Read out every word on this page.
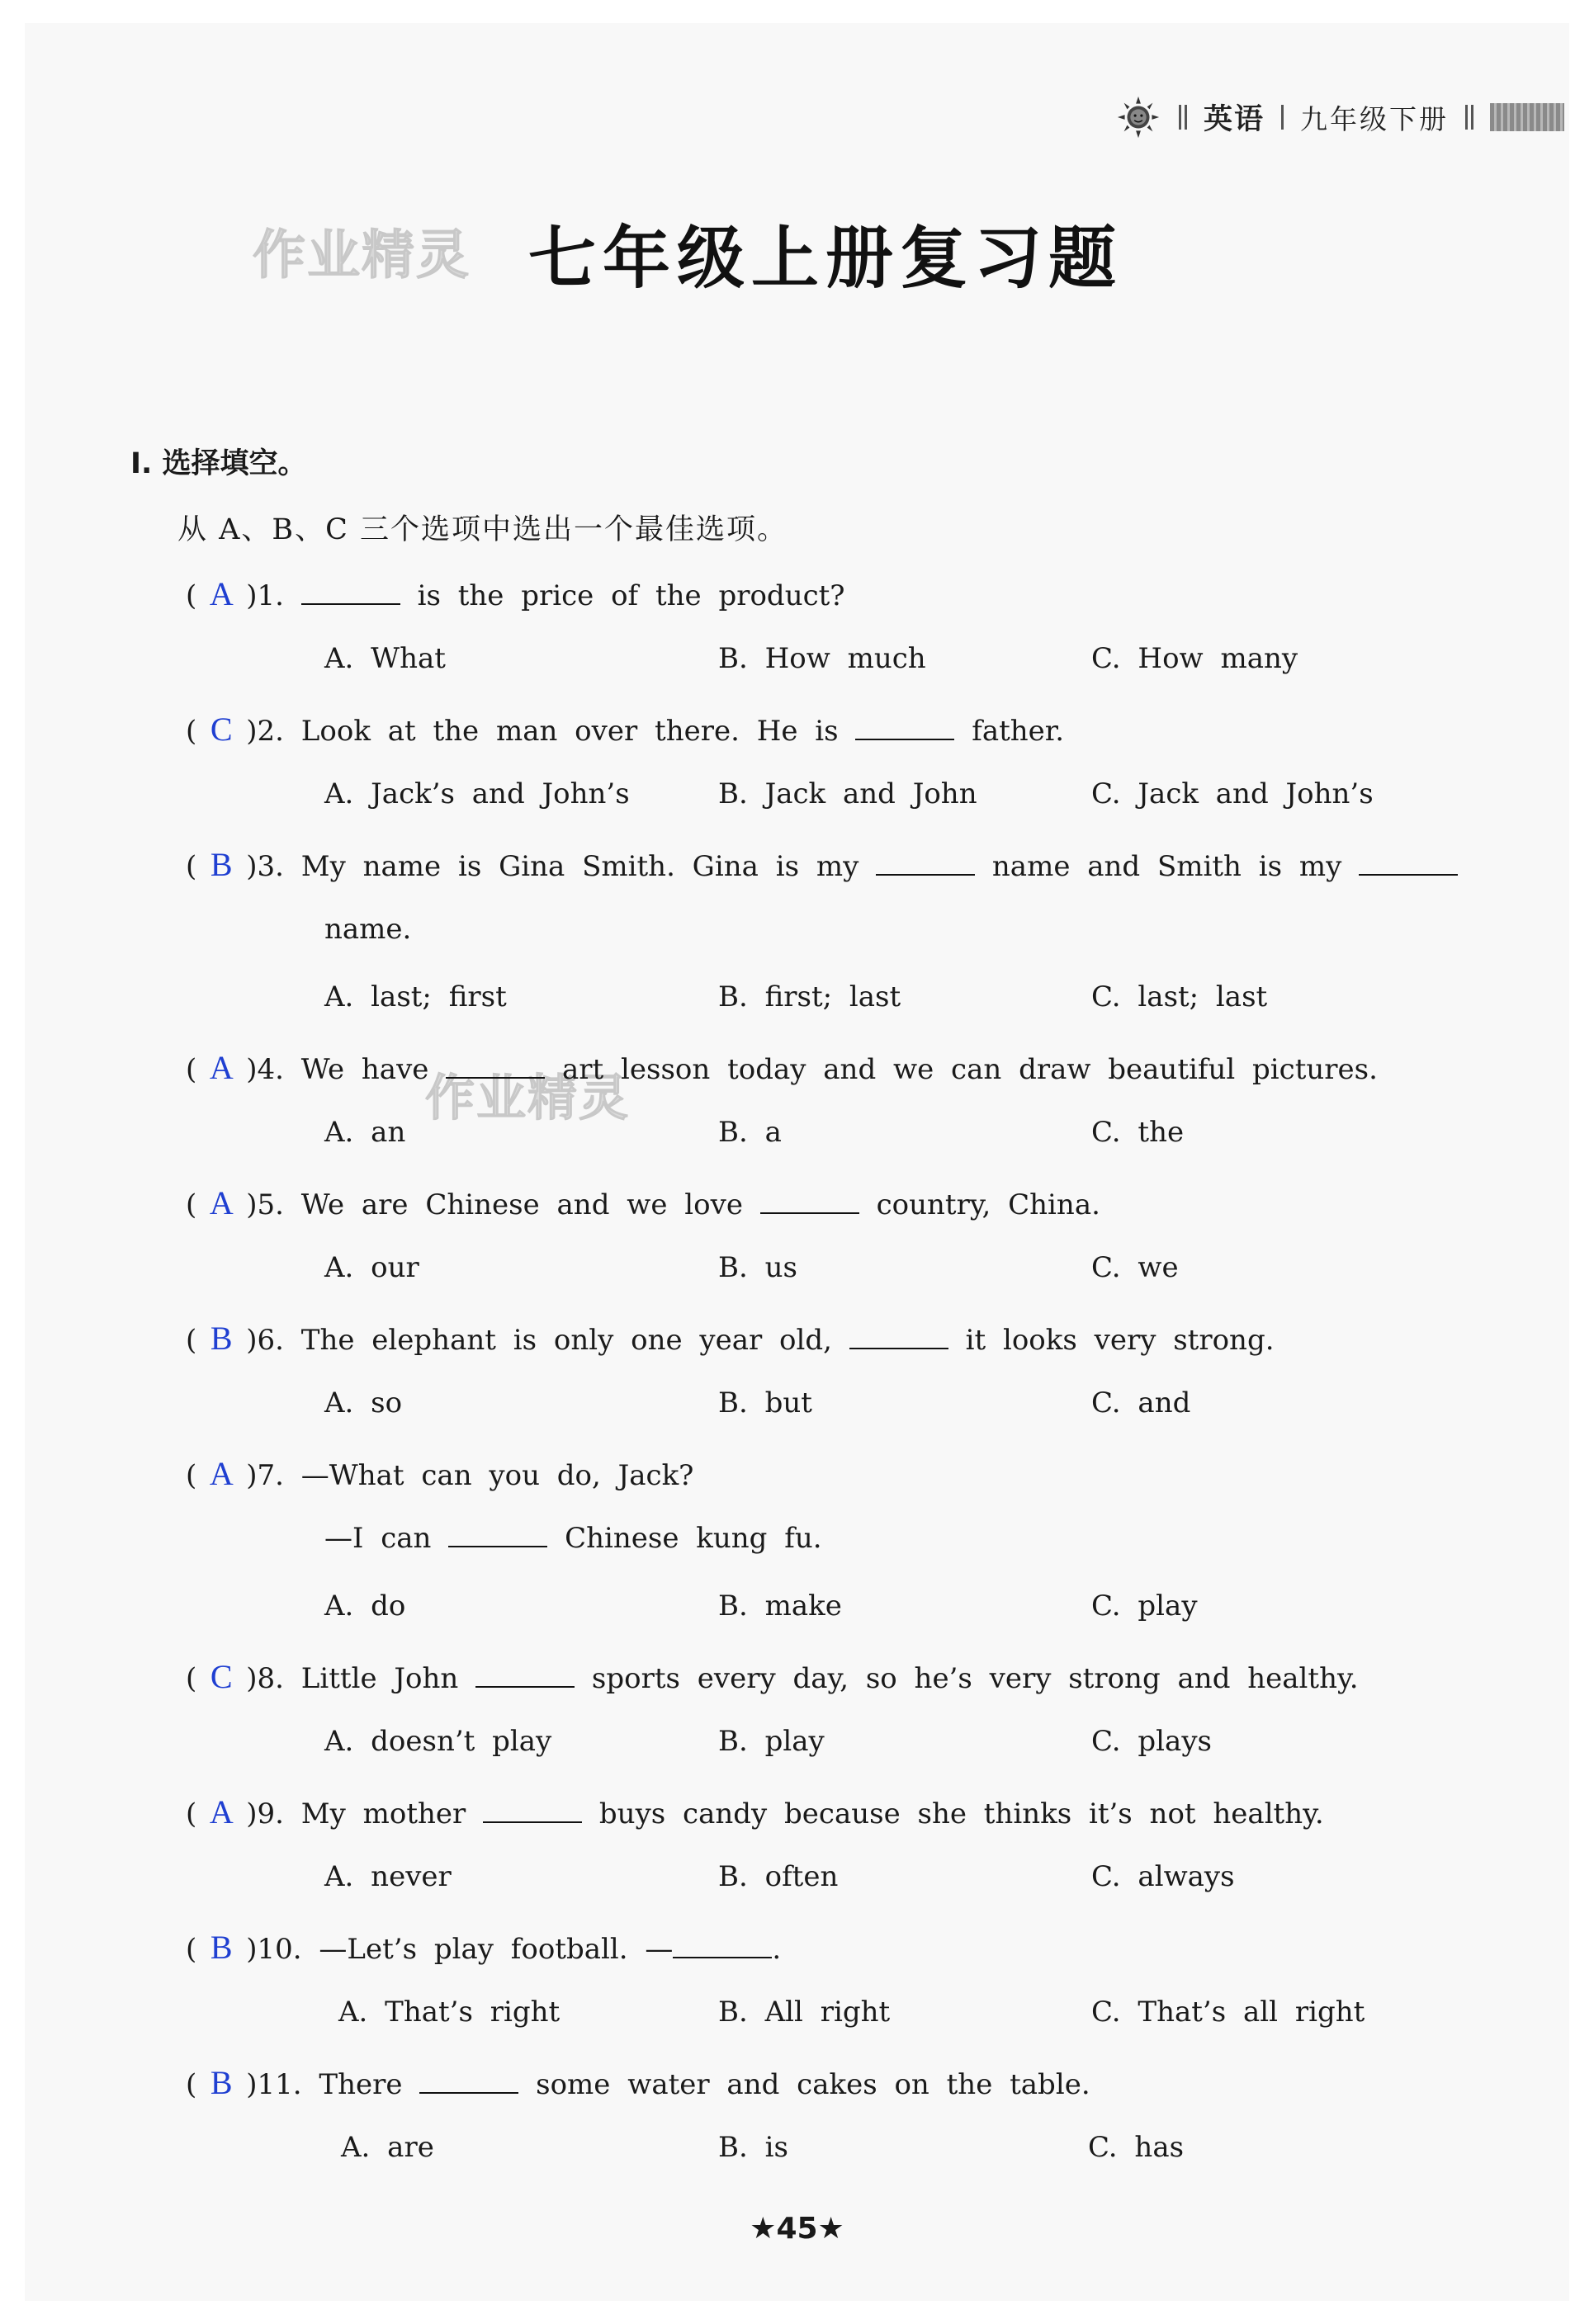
英语 九年级下册
作业精灵
作业精灵
七年级上册复习题
Ⅰ. 选择填空。
从 A、B、C 三个选项中选出一个最佳选项。
( A )1.	is the price of the product?
A. What	B. How much	C. How many
( C )2. Look at the man over there. He is	father.
A. Jack’s and John’s	B. Jack and John	C. Jack and John’s
( B )3. My name is Gina Smith. Gina is my	name and Smith is my
name.
A. last; first	B. first; last	C. last; last
( A )4. We have	art lesson today and we can draw beautiful pictures.
A. an	B. a	C. the
( A )5. We are Chinese and we love	country, China.
A. our	B. us	C. we
( B )6. The elephant is only one year old,	it looks very strong.
A. so	B. but	C. and
( A )7. —What can you do, Jack?
—I can	Chinese kung fu.
A. do	B. make	C. play
( C )8. Little John	sports every day, so he’s very strong and healthy.
A. doesn’t play	B. play	C. plays
( A )9. My mother	buys candy because she thinks it’s not healthy.
A. never	B. often	C. always
( B )10. —Let’s play football. —	.
A. That’s right	B. All right	C. That’s all right
( B )11. There	some water and cakes on the table.
A. are	B. is	C. has
★45★
